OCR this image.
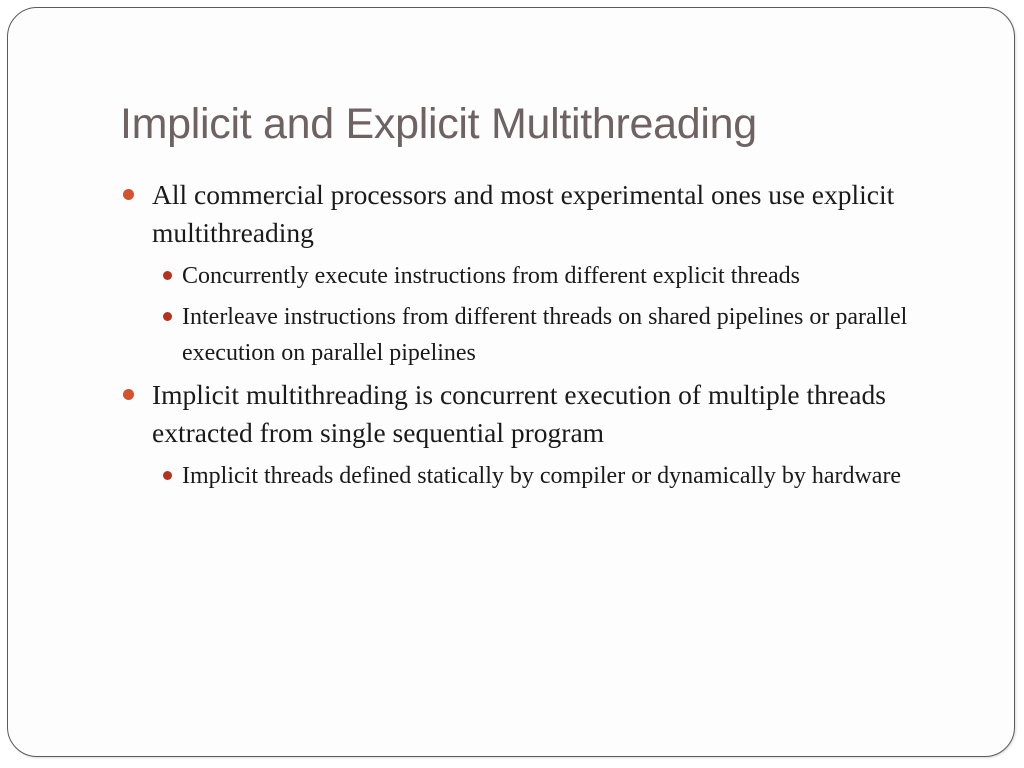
Implicit and Explicit Multithreading
All commercial processors and most experimental ones use explicit multithreading
Concurrently execute instructions from different explicit threads
Interleave instructions from different threads on shared pipelines or parallel execution on parallel pipelines
Implicit multithreading is concurrent execution of multiple threads extracted from single sequential program
Implicit threads defined statically by compiler or dynamically by hardware
